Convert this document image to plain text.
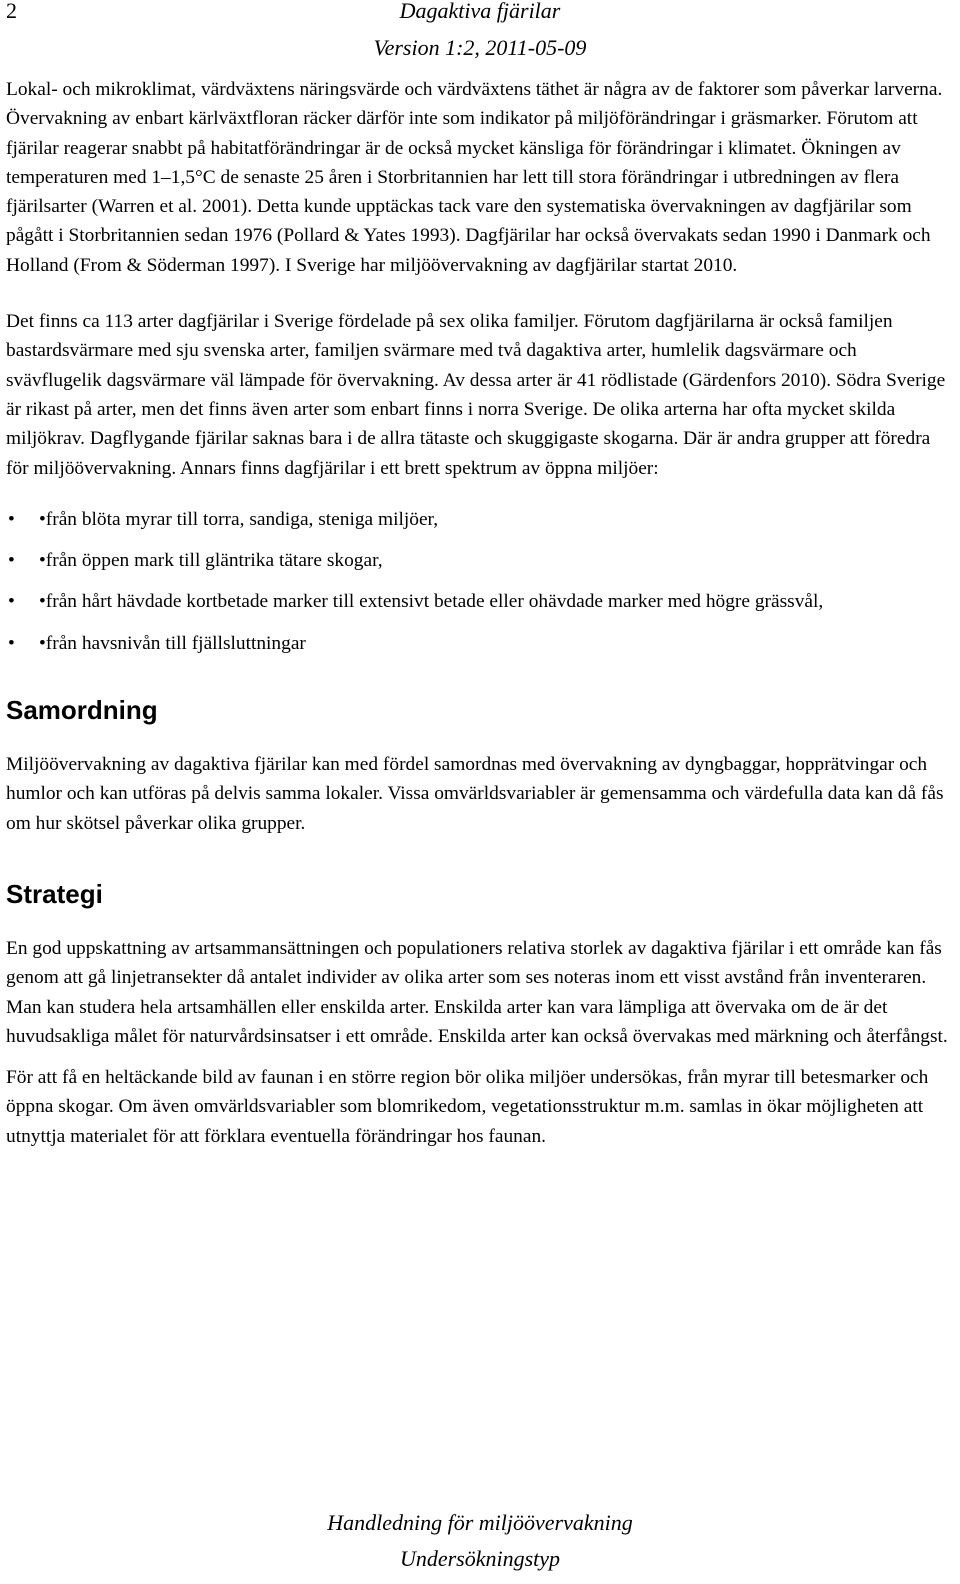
2	Dagaktiva fjärilar
Version 1:2, 2011-05-09

Lokal- och mikroklimat, värdväxtens näringsvärde och värdväxtens täthet är några av de faktorer som påverkar larverna. Övervakning av enbart kärlväxtfloran räcker därför inte som indikator på miljöförändringar i gräsmarker. Förutom att fjärilar reagerar snabbt på habitatförändringar är de också mycket känsliga för förändringar i klimatet. Ökningen av temperaturen med 1–1,5°C de senaste 25 åren i Storbritannien har lett till stora förändringar i utbredningen av flera fjärilsarter (Warren et al. 2001). Detta kunde upptäckas tack vare den systematiska övervakningen av dagfjärilar som pågått i Storbritannien sedan 1976 (Pollard & Yates 1993). Dagfjärilar har också övervakats sedan 1990 i Danmark och Holland (From & Söderman 1997). I Sverige har miljöövervakning av dagfjärilar startat 2010.

Det finns ca 113 arter dagfjärilar i Sverige fördelade på sex olika familjer. Förutom dagfjärilarna är också familjen bastardsvärmare med sju svenska arter, familjen svärmare med två dagaktiva arter, humlelik dagsvärmare och svävflugelik dagsvärmare väl lämpade för övervakning. Av dessa arter är 41 rödlistade (Gärdenfors 2010). Södra Sverige är rikast på arter, men det finns även arter som enbart finns i norra Sverige. De olika arterna har ofta mycket skilda miljökrav. Dagflygande fjärilar saknas bara i de allra tätaste och skuggigaste skogarna. Där är andra grupper att föredra för miljöövervakning. Annars finns dagfjärilar i ett brett spektrum av öppna miljöer:

• •från blöta myrar till torra, sandiga, steniga miljöer,
• •från öppen mark till gläntrika tätare skogar,
• •från hårt hävdade kortbetade marker till extensivt betade eller ohävdade marker med högre grässvål,
• •från havsnivån till fjällsluttningar
Samordning

Miljöövervakning av dagaktiva fjärilar kan med fördel samordnas med övervakning av dyngbaggar, hopprätvingar och humlor och kan utföras på delvis samma lokaler. Vissa omvärldsvariabler är gemensamma och värdefulla data kan då fås om hur skötsel påverkar olika grupper.

Strategi

En god uppskattning av artsammansättningen och populationers relativa storlek av dagaktiva fjärilar i ett område kan fås genom att gå linjetransekter då antalet individer av olika arter som ses noteras inom ett visst avstånd från inventeraren. Man kan studera hela artsamhällen eller enskilda arter. Enskilda arter kan vara lämpliga att övervaka om de är det huvudsakliga målet för naturvårdsinsatser i ett område. Enskilda arter kan också övervakas med märkning och återfångst.

För att få en heltäckande bild av faunan i en större region bör olika miljöer undersökas, från myrar till betesmarker och öppna skogar. Om även omvärldsvariabler som blomrikedom, vegetationsstruktur m.m. samlas in ökar möjligheten att utnyttja materialet för att förklara eventuella förändringar hos faunan.

Handledning för miljöövervakning
Undersökningstyp
